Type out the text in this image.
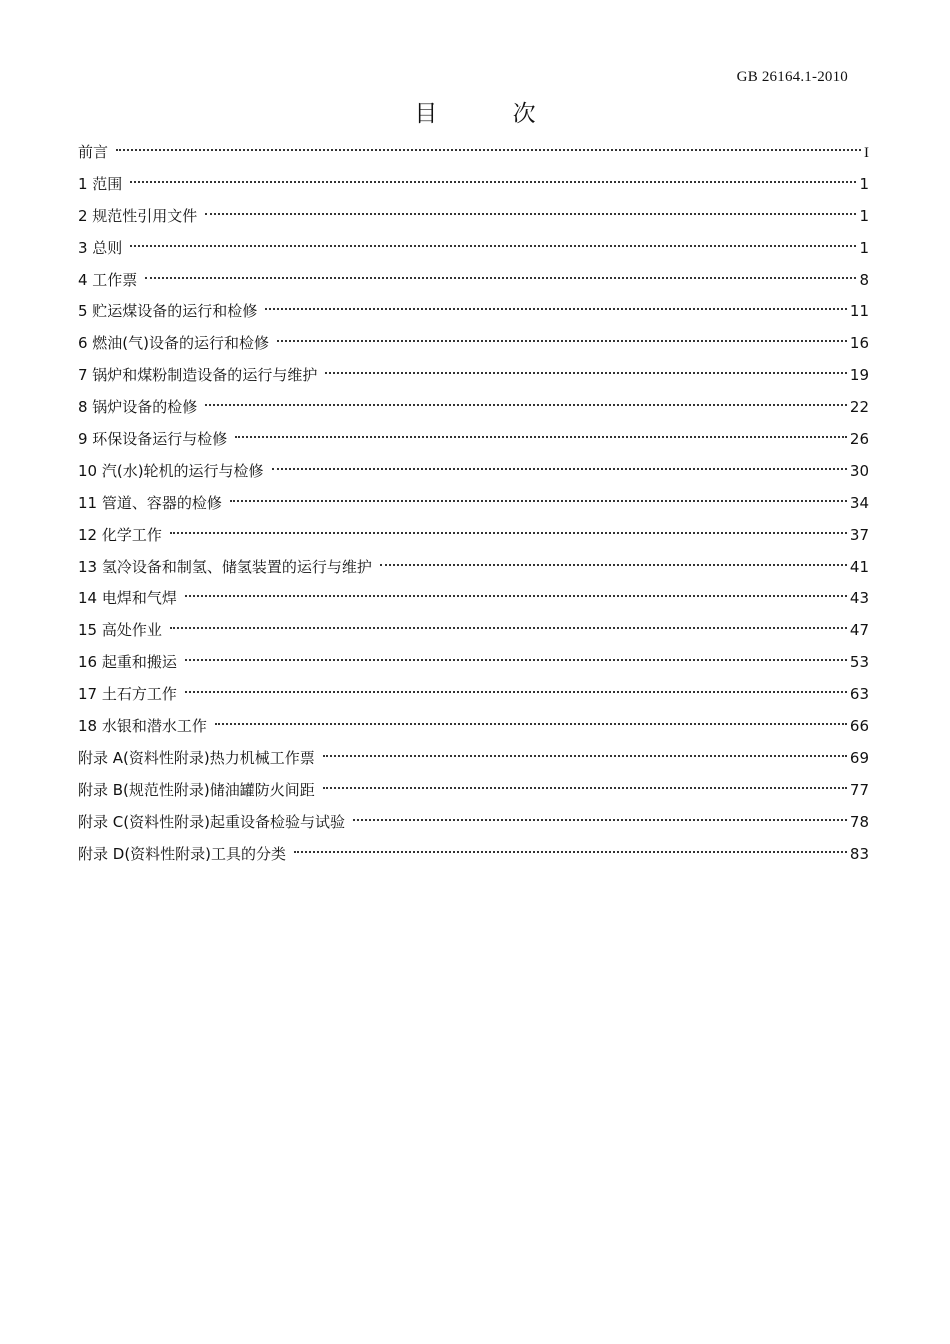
GB 26164.1-2010
目 次
前言	I
1 范围	1
2 规范性引用文件	1
3 总则	1
4 工作票	8
5 贮运煤设备的运行和检修	11
6 燃油(气)设备的运行和检修	16
7 锅炉和煤粉制造设备的运行与维护	19
8 锅炉设备的检修	22
9 环保设备运行与检修	26
10 汽(水)轮机的运行与检修	30
11 管道、容器的检修	34
12 化学工作	37
13 氢冷设备和制氢、储氢装置的运行与维护	41
14 电焊和气焊	43
15 高处作业	47
16 起重和搬运	53
17 土石方工作	63
18 水银和潜水工作	66
附录 A(资料性附录)热力机械工作票	69
附录 B(规范性附录)储油罐防火间距	77
附录 C(资料性附录)起重设备检验与试验	78
附录 D(资料性附录)工具的分类	83
